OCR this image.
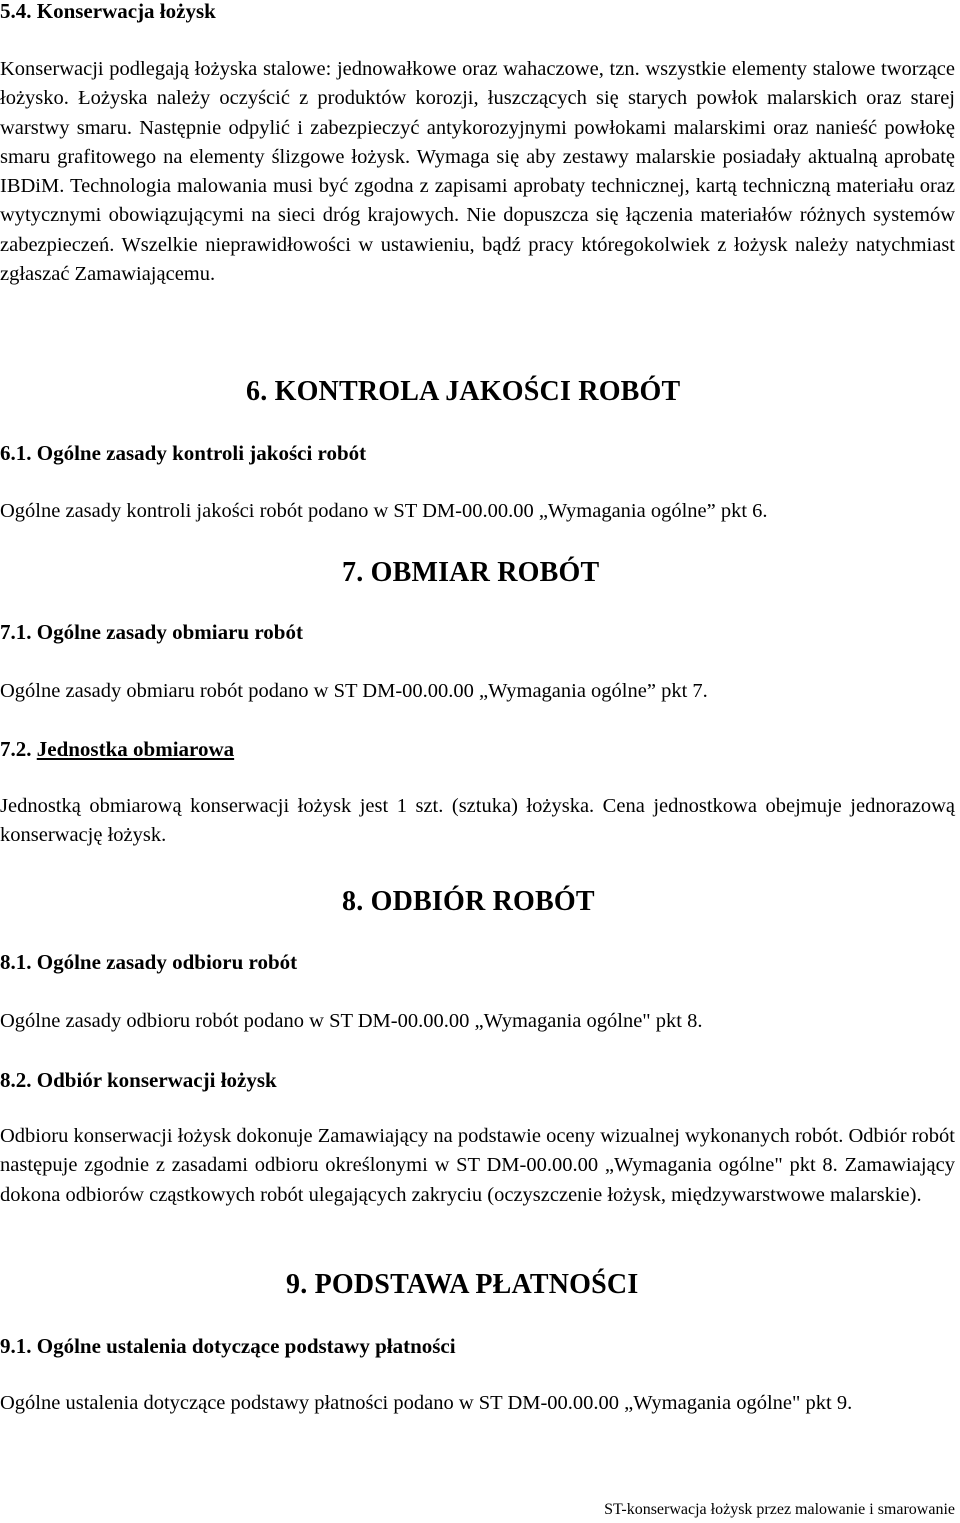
5.4. Konserwacja łożysk

Konserwacji podlegają łożyska stalowe: jednowałkowe oraz wahaczowe, tzn. wszystkie elementy stalowe tworzące łożysko. Łożyska należy oczyścić z produktów korozji, łuszczących się starych powłok malarskich oraz starej warstwy smaru. Następnie odpylić i zabezpieczyć antykorozyjnymi powłokami malarskimi oraz nanieść powłokę smaru grafitowego na elementy ślizgowe łożysk. Wymaga się aby zestawy malarskie posiadały aktualną aprobatę IBDiM. Technologia malowania musi być zgodna z zapisami aprobaty technicznej, kartą techniczną materiału oraz wytycznymi obowiązującymi na sieci dróg krajowych. Nie dopuszcza się łączenia materiałów różnych systemów zabezpieczeń. Wszelkie nieprawidłowości w ustawieniu, bądź pracy któregokolwiek z łożysk należy natychmiast zgłaszać Zamawiającemu.

6. KONTROLA JAKOŚCI ROBÓT
6.1. Ogólne zasady kontroli jakości robót
Ogólne zasady kontroli jakości robót podano w ST DM-00.00.00 „Wymagania ogólne” pkt 6.
7. OBMIAR ROBÓT
7.1. Ogólne zasady obmiaru robót
Ogólne zasady obmiaru robót podano w ST DM-00.00.00 „Wymagania ogólne” pkt 7.
7.2. Jednostka obmiarowa

Jednostką obmiarową konserwacji łożysk jest 1 szt. (sztuka) łożyska. Cena jednostkowa obejmuje jednorazową konserwację łożysk.

8. ODBIÓR ROBÓT
8.1. Ogólne zasady odbioru robót
Ogólne zasady odbioru robót podano w ST DM-00.00.00 „Wymagania ogólne" pkt 8.
8.2. Odbiór konserwacji łożysk

Odbioru konserwacji łożysk dokonuje Zamawiający na podstawie oceny wizualnej wykonanych robót. Odbiór robót następuje zgodnie z zasadami odbioru określonymi w ST DM-00.00.00 „Wymagania ogólne" pkt 8. Zamawiający dokona odbiorów cząstkowych robót ulegających zakryciu (oczyszczenie łożysk, międzywarstwowe malarskie).

9. PODSTAWA PŁATNOŚCI
9.1. Ogólne ustalenia dotyczące podstawy płatności

Ogólne ustalenia dotyczące podstawy płatności podano w ST DM-00.00.00 „Wymagania ogólne" pkt 9.

ST-konserwacja łożysk przez malowanie i smarowanie
